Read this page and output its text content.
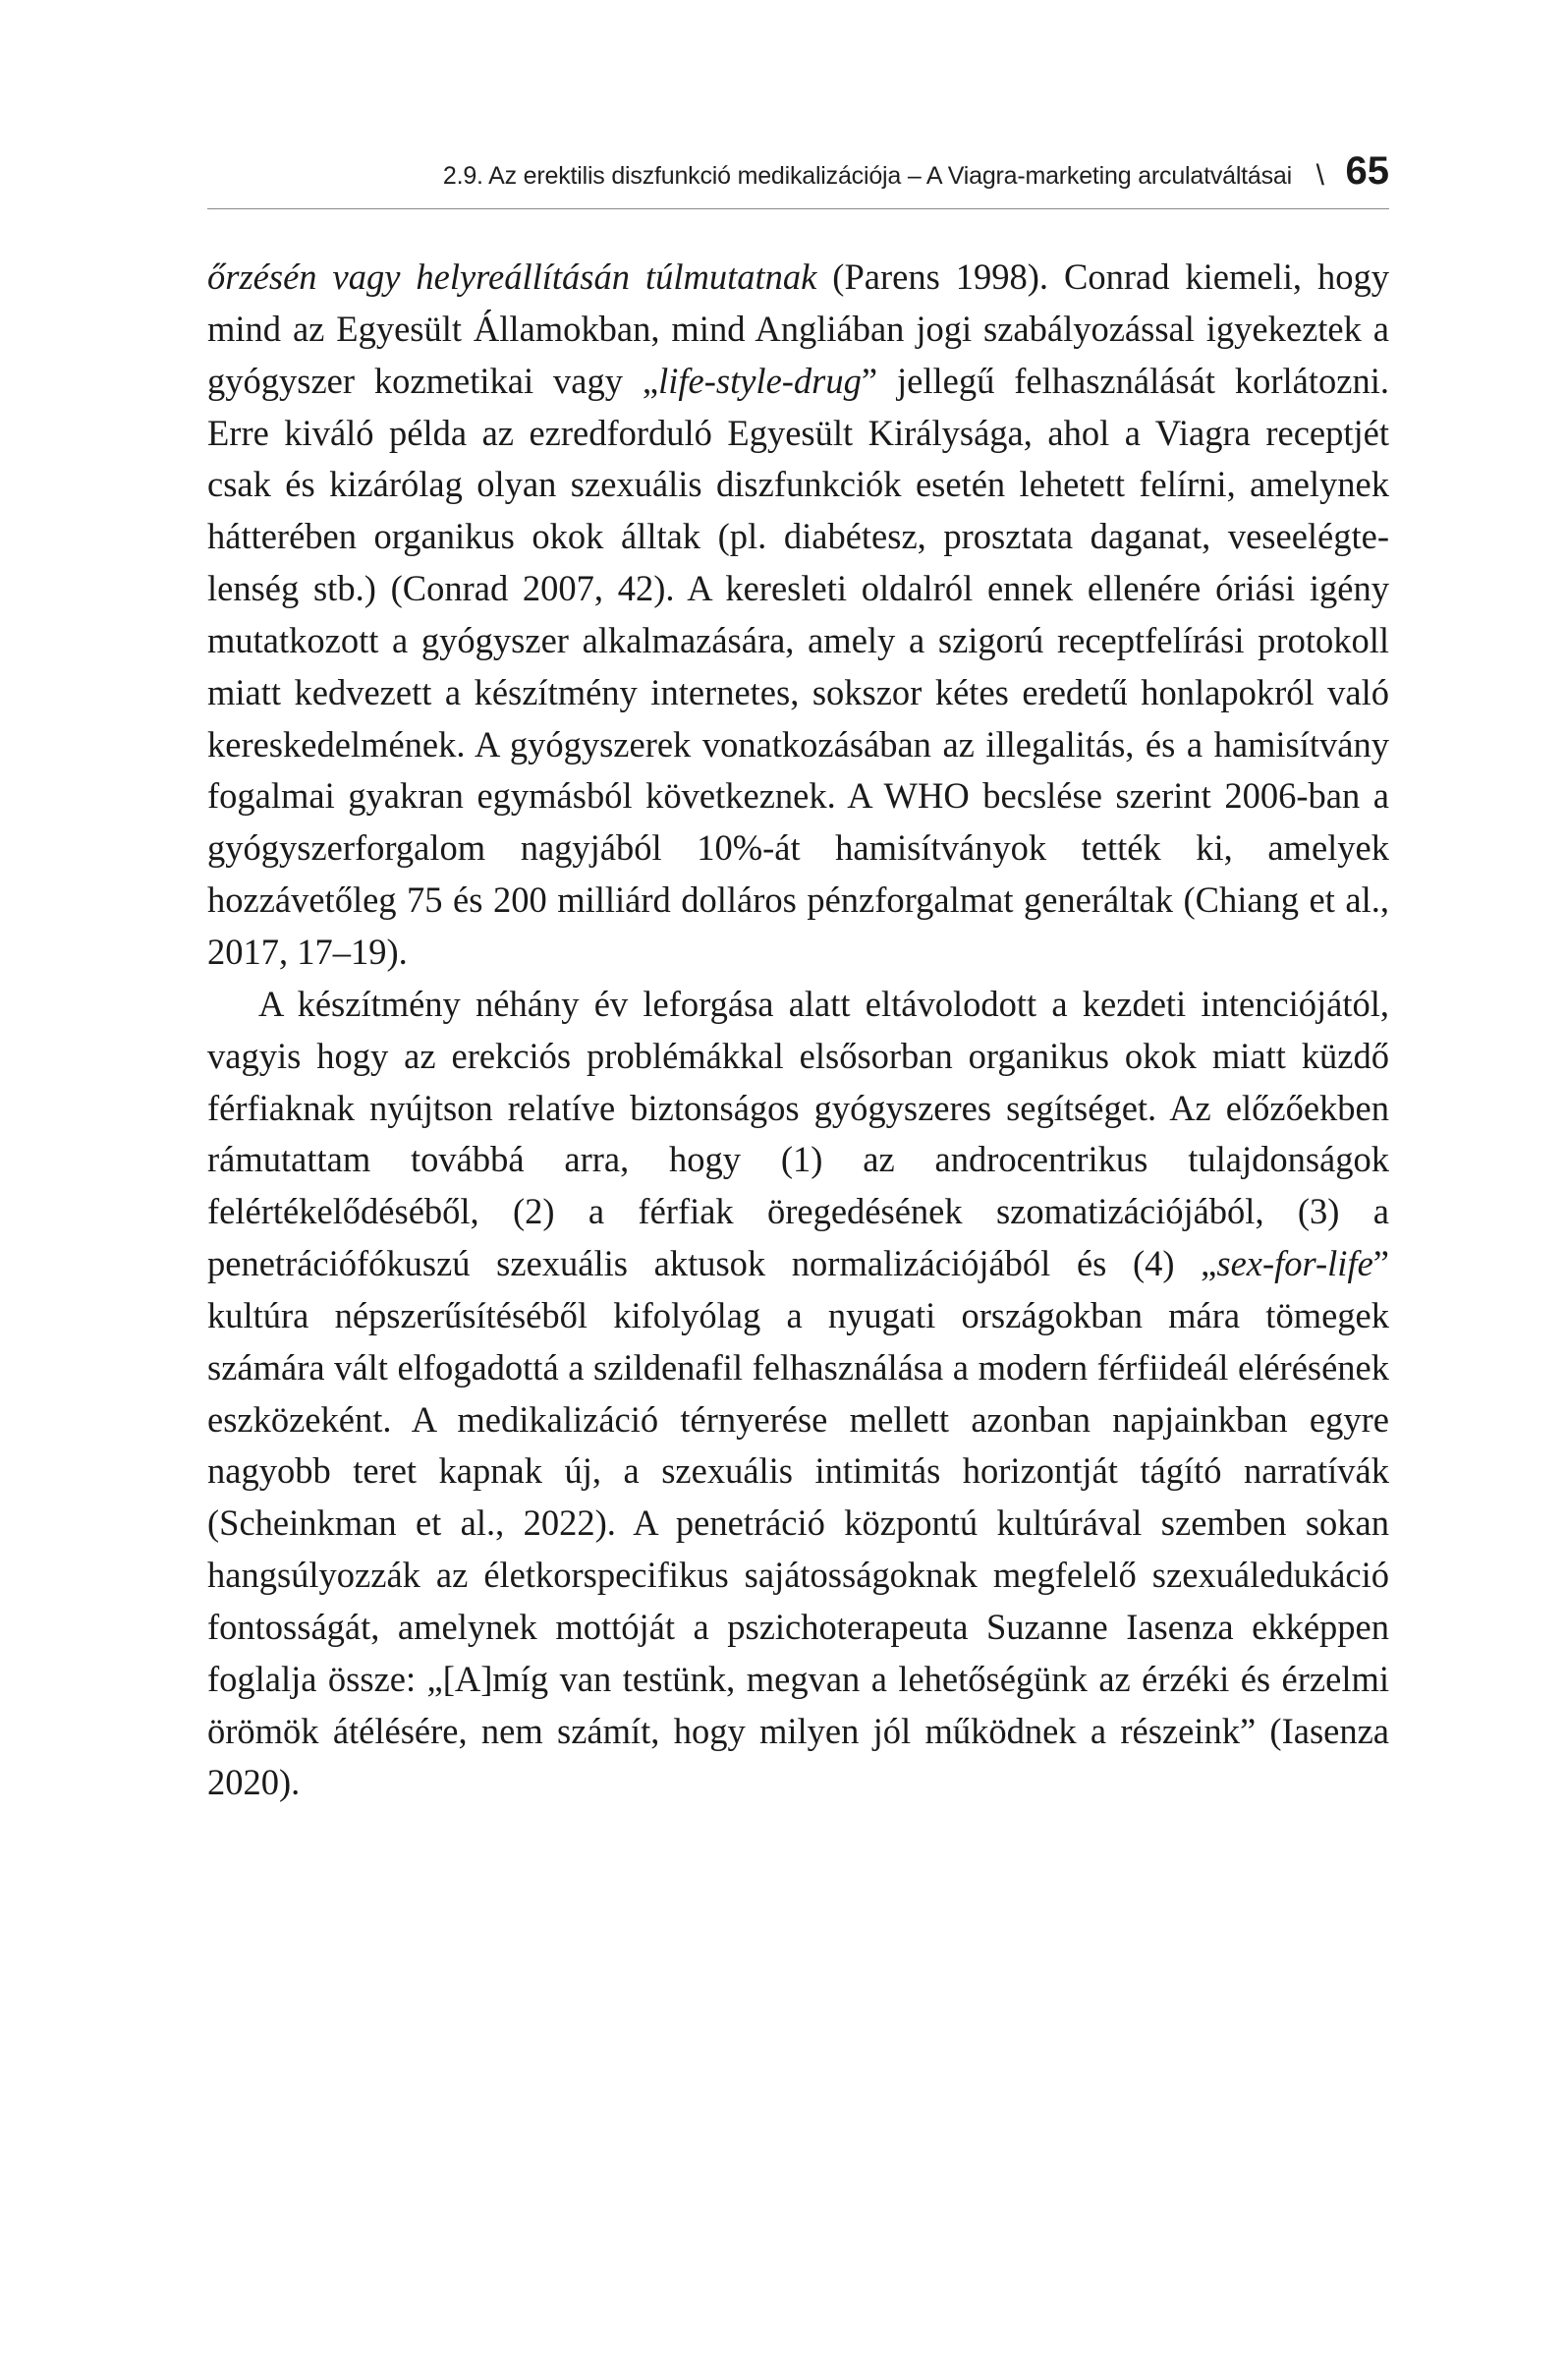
2.9. Az erektilis diszfunkció medikalizációja – A Viagra-marketing arculatváltásai \ 65

őrzésén vagy helyreállításán túlmutatnak (Parens 1998). Conrad kiemeli, hogy mind az Egyesült Államokban, mind Angliában jogi szabályozással igyekeztek a gyógyszer kozmetikai vagy „life-style-drug” jellegű felhasználását korlátozni. Erre kiváló példa az ezredforduló Egyesült Királysága, ahol a Viagra receptjét csak és kizárólag olyan szexuális diszfunkciók esetén lehetett felírni, amelynek hátterében organikus okok álltak (pl. diabétesz, prosztata daganat, veseelégtelenség stb.) (Conrad 2007, 42). A keresleti oldalról ennek ellenére óriási igény mutatkozott a gyógyszer alkalmazására, amely a szigorú receptfelírási protokoll miatt kedvezett a készítmény internetes, sokszor kétes eredetű honlapokról való kereskedelmének. A gyógyszerek vonatkozásában az illegalitás, és a hamisítvány fogalmai gyakran egymásból következnek. A WHO becslése szerint 2006-ban a gyógyszerforgalom nagyjából 10%-át hamisítványok tették ki, amelyek hozzávetőleg 75 és 200 milliárd dolláros pénzforgalmat generáltak (Chiang et al., 2017, 17–19).

A készítmény néhány év leforgása alatt eltávolodott a kezdeti intenciójától, vagyis hogy az erekciós problémákkal elsősorban organikus okok miatt küzdő férfiaknak nyújtson relatíve biztonságos gyógyszeres segítséget. Az előzőekben rámutattam továbbá arra, hogy (1) az androcentrikus tulajdonságok felértékelődéséből, (2) a férfiak öregedésének szomatizációjából, (3) a penetrációfókuszú szexuális aktusok normalizációjából és (4) „sex-for-life” kultúra népszerűsítéséből kifolyólag a nyugati országokban mára tömegek számára vált elfogadottá a szildenafil felhasználása a modern férfiideál elérésének eszközeként. A medikalizáció térnyerése mellett azonban napjainkban egyre nagyobb teret kapnak új, a szexuális intimitás horizontját tágító narratívák (Scheinkman et al., 2022). A penetráció központú kultúrával szemben sokan hangsúlyozzák az életkorspecifikus sajátosságoknak megfelelő szexuáledukáció fontosságát, amelynek mottóját a pszichoterapeuta Suzanne Iasenza ekképpen foglalja össze: „[A]míg van testünk, megvan a lehetőségünk az érzéki és érzelmi örömök átélésére, nem számít, hogy milyen jól működnek a részeink” (Iasenza 2020).
